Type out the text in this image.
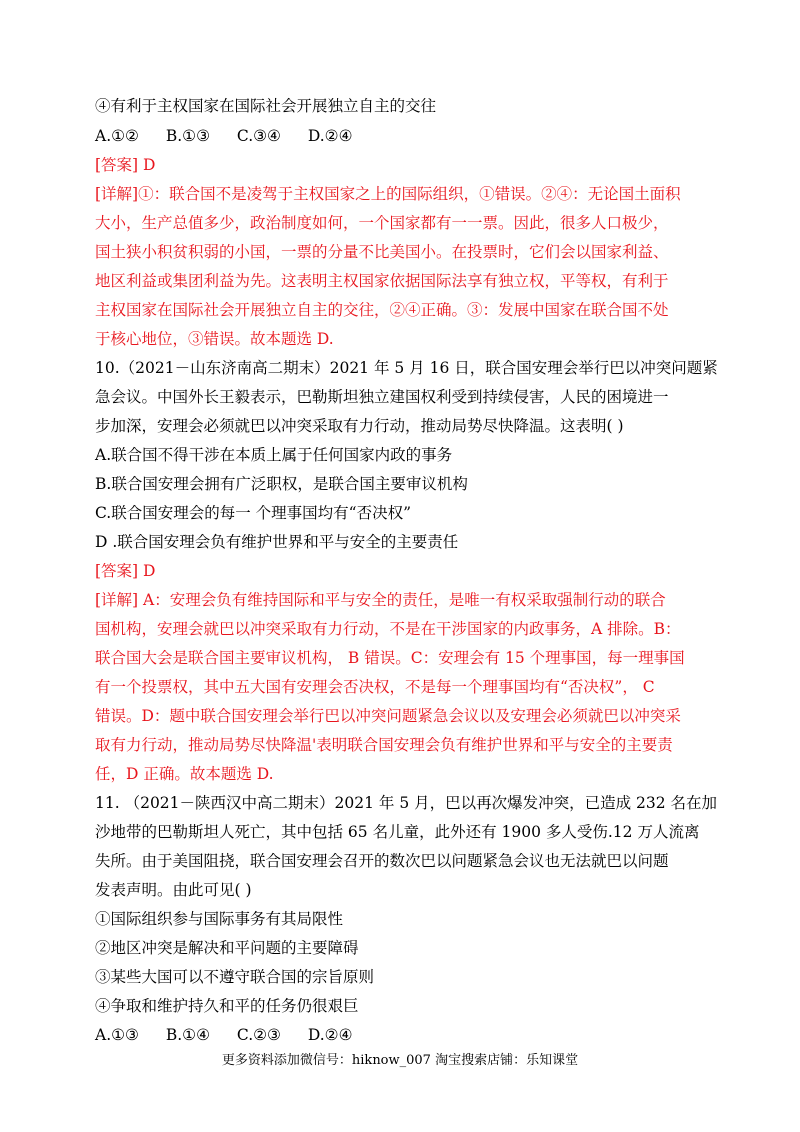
④有利于主权国家在国际社会开展独立自主的交往
A.①② B.①③ C.③④ D.②④
[答案] D
[详解]①：联合国不是凌驾于主权国家之上的国际组织，①错误。②④：无论国土面积
大小，生产总值多少，政治制度如何，一个国家都有一一票。因此，很多人口极少，
国土狭小积贫积弱的小国，一票的分量不比美国小。在投票时，它们会以国家利益、
地区利益或集团利益为先。这表明主权国家依据国际法享有独立权，平等权，有利于
主权国家在国际社会开展独立自主的交往，②④正确。③：发展中国家在联合国不处
于核心地位，③错误。故本题选 D.
10.（2021－山东济南高二期末）2021 年 5 月 16 日，联合国安理会举行巴以冲突问题紧
急会议。中国外长王毅表示，巴勒斯坦独立建国权利受到持续侵害，人民的困境进一
步加深，安理会必须就巴以冲突采取有力行动，推动局势尽快降温。这表明( )
A.联合国不得干涉在本质上属于任何国家内政的事务
B.联合国安理会拥有广泛职权，是联合国主要审议机构
C.联合国安理会的每一 个理事国均有“否决权”
D .联合国安理会负有维护世界和平与安全的主要责任
[答案] D
[详解] A：安理会负有维持国际和平与安全的责任，是唯一有权采取强制行动的联合
国机构，安理会就巴以冲突采取有力行动，不是在干涉国家的内政事务，A 排除。B：
联合国大会是联合国主要审议机构， B 错误。C：安理会有 15 个理事国，每一理事国
有一个投票权，其中五大国有安理会否决权，不是每一个理事国均有“否决权”， C
错误。D：题中联合国安理会举行巴以冲突问题紧急会议以及安理会必须就巴以冲突采
取有力行动，推动局势尽快降温'表明联合国安理会负有维护世界和平与安全的主要责
任，D 正确。故本题选 D.
11. （2021－陕西汉中高二期末）2021 年 5 月，巴以再次爆发冲突，已造成 232 名在加
沙地带的巴勒斯坦人死亡，其中包括 65 名儿童，此外还有 1900 多人受伤.12 万人流离
失所。由于美国阻挠，联合国安理会召开的数次巴以问题紧急会议也无法就巴以问题
发表声明。由此可见( )
①国际组织参与国际事务有其局限性
②地区冲突是解决和平问题的主要障碍
③某些大国可以不遵守联合国的宗旨原则
④争取和维护持久和平的任务仍很艰巨
A.①③ B.①④ C.②③ D.②④
更多资料添加微信号：hiknow_007 淘宝搜索店铺：乐知课堂
